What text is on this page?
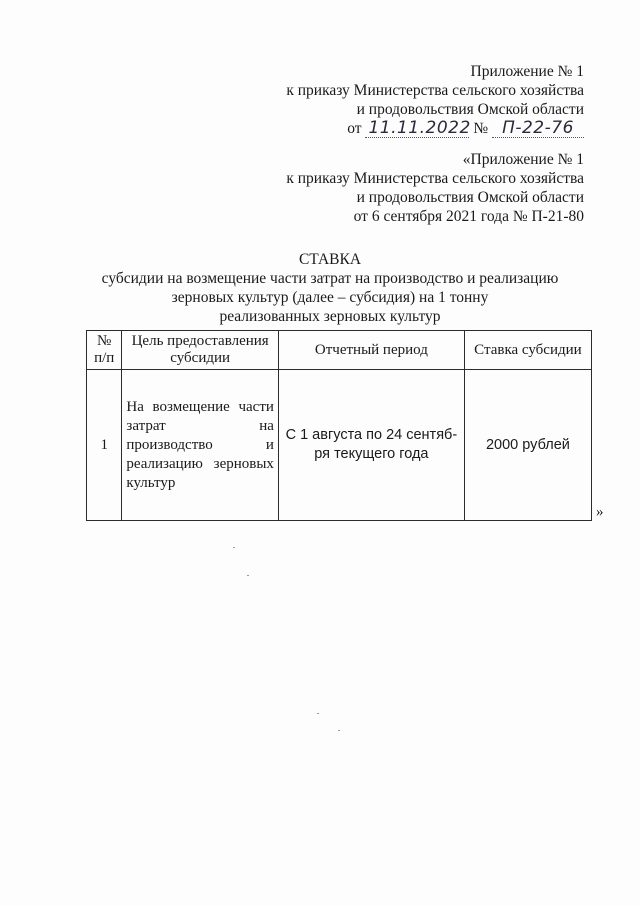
Приложение № 1
к приказу Министерства сельского хозяйства
и продовольствия Омской области
от 11.11.2022 № П-22-76
«Приложение № 1
к приказу Министерства сельского хозяйства
и продовольствия Омской области
от 6 сентября 2021 года № П-21-80
СТАВКА
субсидии на возмещение части затрат на производство и реализацию
зерновых культур (далее – субсидия) на 1 тонну
реализованных зерновых культур
№ п/п	Цель предоставления субсидии	Отчетный период	Ставка субсидии
1	На возмещение части затрат на производство и реализацию зерновых культур	С 1 августа по 24 сентяб-ря текущего года	2000 рублей
»
